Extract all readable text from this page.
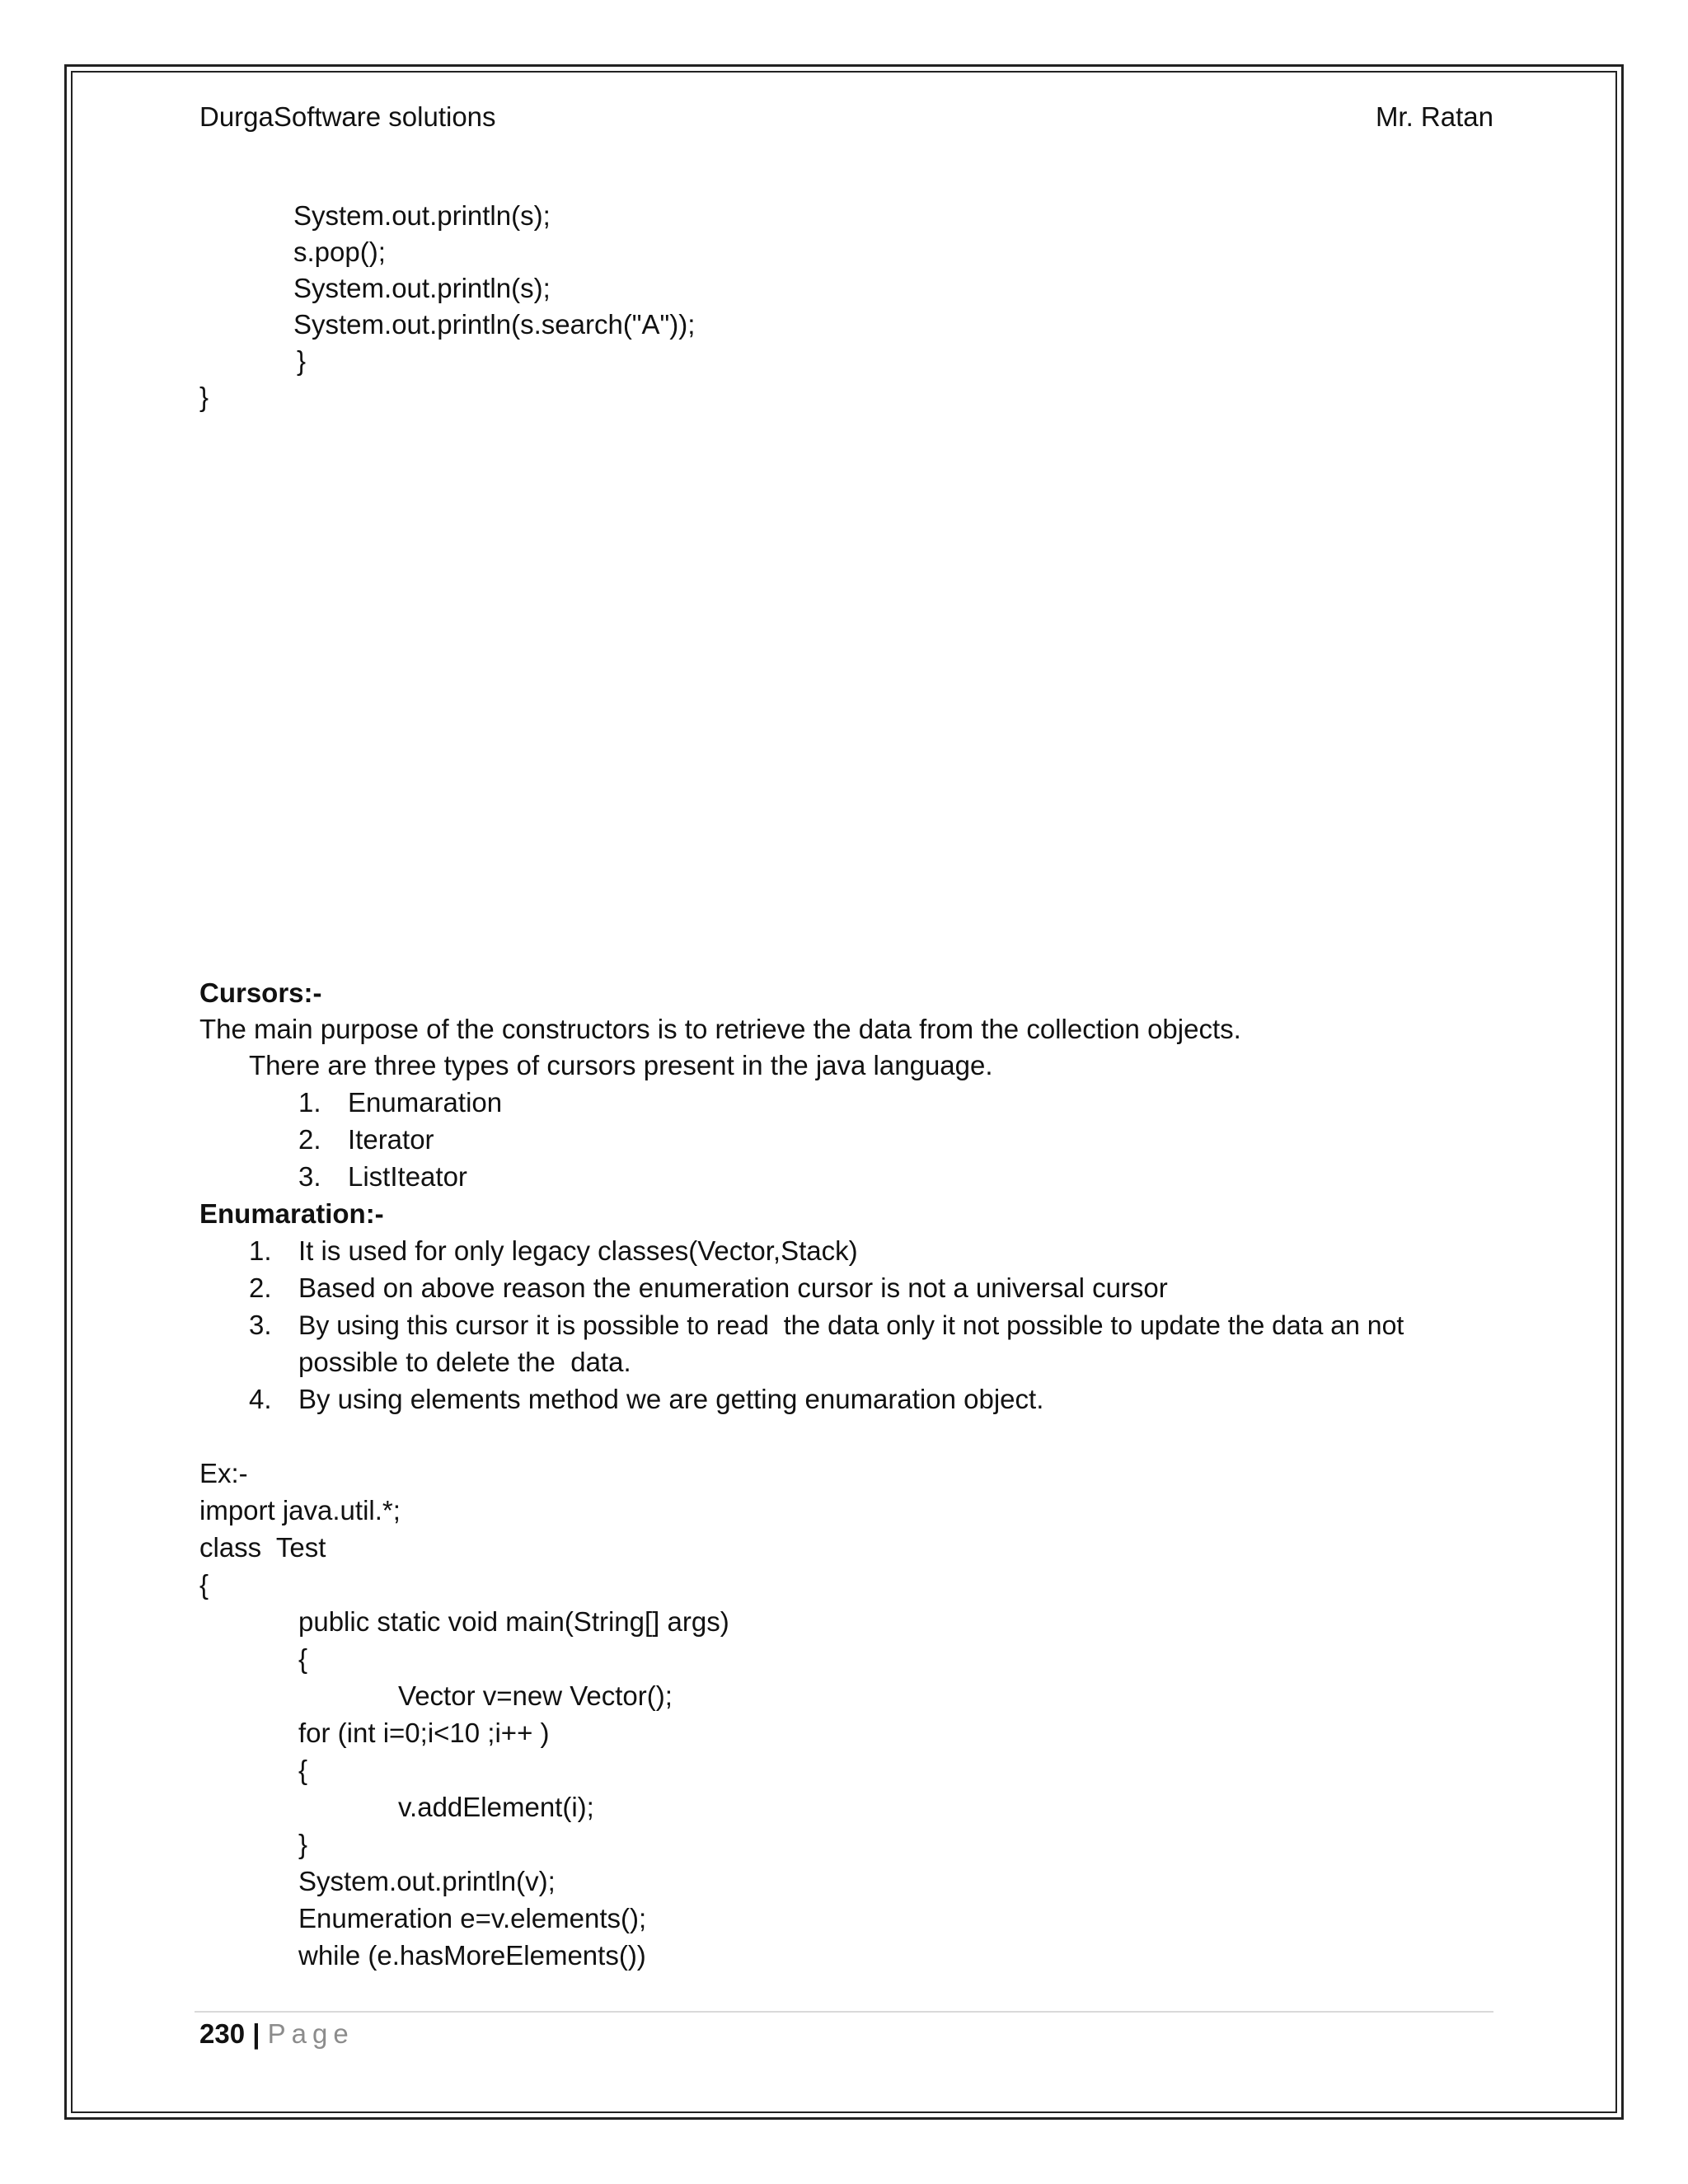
DurgaSoftware solutions	Mr. Ratan
System.out.println(s);
s.pop();
System.out.println(s);
System.out.println(s.search("A"));
}
}
Cursors:-
The main purpose of the constructors is to retrieve the data from the collection objects.
There are three types of cursors present in the java language.
1. Enumaration
2. Iterator
3. ListIteator
Enumaration:-
1. It is used for only legacy classes(Vector,Stack)
2. Based on above reason the enumeration cursor is not a universal cursor
3. By using this cursor it is possible to read  the data only it not possible to update the data an not
possible to delete the  data.
4. By using elements method we are getting enumaration object.
Ex:-
import java.util.*;
class  Test
{
public static void main(String[] args)
{
Vector v=new Vector();
for (int i=0;i<10 ;i++ )
{
v.addElement(i);
}
System.out.println(v);
Enumeration e=v.elements();
while (e.hasMoreElements())
230 | Page
